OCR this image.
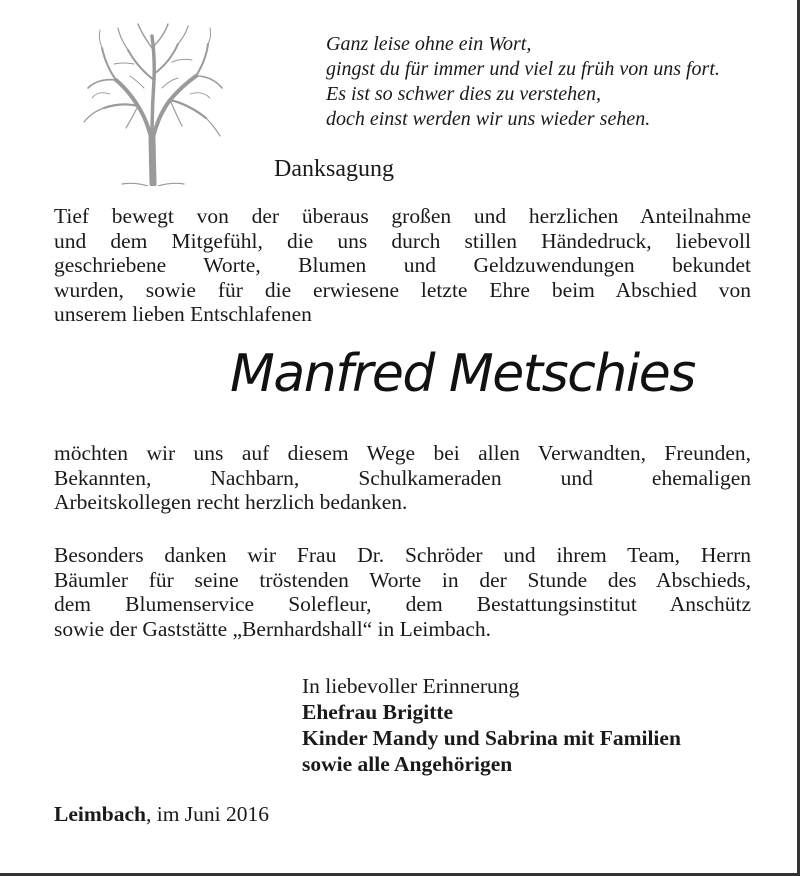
Ganz leise ohne ein Wort,
gingst du für immer und viel zu früh von uns fort.
Es ist so schwer dies zu verstehen,
doch einst werden wir uns wieder sehen.
Danksagung
Tief bewegt von der überaus großen und herzlichen Anteilnahme
und dem Mitgefühl, die uns durch stillen Händedruck, liebevoll
geschriebene Worte, Blumen und Geldzuwendungen bekundet
wurden, sowie für die erwiesene letzte Ehre beim Abschied von
unserem lieben Entschlafenen
Manfred Metschies
möchten wir uns auf diesem Wege bei allen Verwandten, Freunden,
Bekannten, Nachbarn, Schulkameraden und ehemaligen
Arbeitskollegen recht herzlich bedanken.
Besonders danken wir Frau Dr. Schröder und ihrem Team, Herrn
Bäumler für seine tröstenden Worte in der Stunde des Abschieds,
dem Blumenservice Solefleur, dem Bestattungsinstitut Anschütz
sowie der Gaststätte „Bernhardshall“ in Leimbach.
In liebevoller Erinnerung
Ehefrau Brigitte
Kinder Mandy und Sabrina mit Familien
sowie alle Angehörigen
Leimbach, im Juni 2016
